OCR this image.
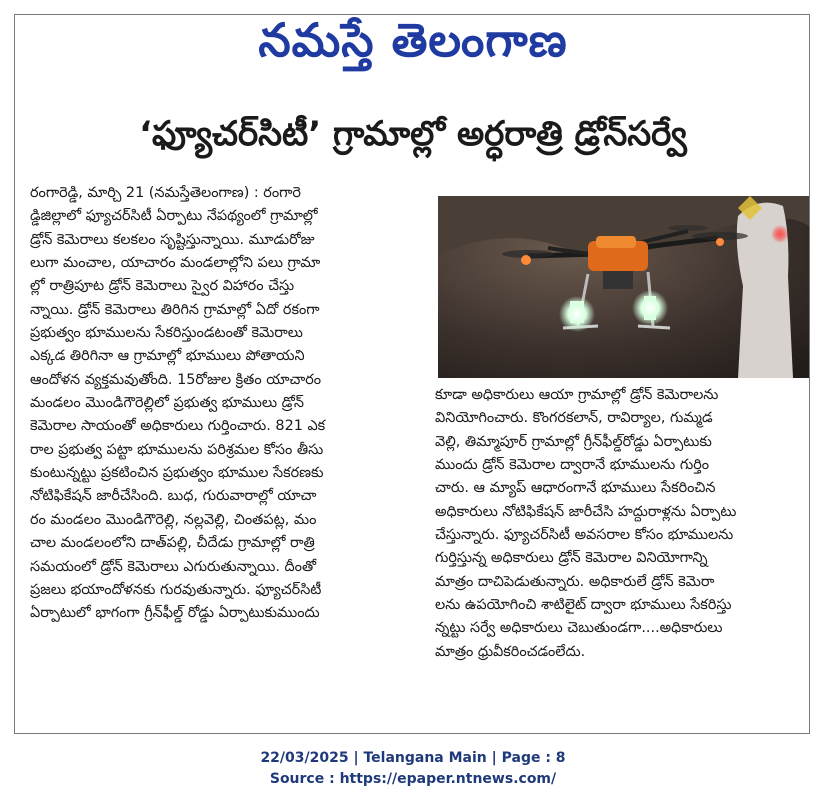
నమస్తే తెలంగాణ
‘ఫ్యూచర్‌సిటీ’ గ్రామాల్లో అర్ధరాత్రి డ్రోన్‌సర్వే
రంగారెడ్డి, మార్చి 21 (నమస్తేతెలంగాణ) : రంగారె
డ్డిజిల్లాలో ఫ్యూచర్‌సిటీ ఏర్పాటు నేపథ్యంలో గ్రామాల్లో
డ్రోన్ కెమెరాలు కలకలం సృష్టిస్తున్నాయి. మూడురోజు
లుగా మంచాల, యాచారం మండలాల్లోని పలు గ్రామా
ల్లో రాత్రిపూట డ్రోన్ కెమెరాలు స్వైర విహారం చేస్తు
న్నాయి. డ్రోన్ కెమెరాలు తిరిగిన గ్రామాల్లో ఏదో రకంగా
ప్రభుత్వం భూములను సేకరిస్తుండటంతో కెమెరాలు
ఎక్కడ తిరిగినా ఆ గ్రామాల్లో భూములు పోతాయని
ఆందోళన వ్యక్తమవుతోంది. 15రోజుల క్రితం యాచారం
మండలం మొండిగౌరెల్లిలో ప్రభుత్వ భూములు డ్రోన్
కెమెరాల సాయంతో అధికారులు గుర్తించారు. 821 ఎక
రాల ప్రభుత్వ పట్టా భూములను పరిశ్రమల కోసం తీసు
కుంటున్నట్టు ప్రకటించిన ప్రభుత్వం భూముల సేకరణకు
నోటిఫికేషన్ జారీచేసింది. బుధ, గురువారాల్లో యాచా
రం మండలం మొండిగౌరెల్లి, నల్లవెల్లి, చింతపట్ల, మం
చాల మండలంలోని దాత్‌పల్లి, చీదేడు గ్రామాల్లో రాత్రి
సమయంలో డ్రోన్ కెమెరాలు ఎగురుతున్నాయి. దీంతో
ప్రజలు భయాందోళనకు గురవుతున్నారు. ఫ్యూచర్‌సిటీ
ఏర్పాటులో భాగంగా గ్రీన్‌ఫీల్డ్ రోడ్డు ఏర్పాటుకుముందు
కూడా అధికారులు ఆయా గ్రామాల్లో డ్రోన్ కెమెరాలను
వినియోగించారు. కొంగరకలాన్, రావిర్యాల, గుమ్మడ
వెల్లి, తిమ్మాపూర్ గ్రామాల్లో గ్రీన్‌ఫీల్డ్‌రోడ్డు ఏర్పాటుకు
ముందు డ్రోన్ కెమెరాల ద్వారానే భూములను గుర్తిం
చారు. ఆ మ్యాప్ ఆధారంగానే భూములు సేకరించిన
అధికారులు నోటిఫికేషన్ జారీచేసి హద్దురాళ్లను ఏర్పాటు
చేస్తున్నారు. ఫ్యూచర్‌సిటీ అవసరాల కోసం భూములను
గుర్తిస్తున్న అధికారులు డ్రోన్ కెమెరాల వినియోగాన్ని
మాత్రం దాచిపెడుతున్నారు. అధికారులే డ్రోన్ కెమెరా
లను ఉపయోగించి శాటిలైట్ ద్వారా భూములు సేకరిస్తు
న్నట్టు సర్వే అధికారులు చెబుతుండగా....అధికారులు
మాత్రం ధ్రువీకరించడంలేదు.
22/03/2025 | Telangana Main | Page : 8
Source : https://epaper.ntnews.com/
